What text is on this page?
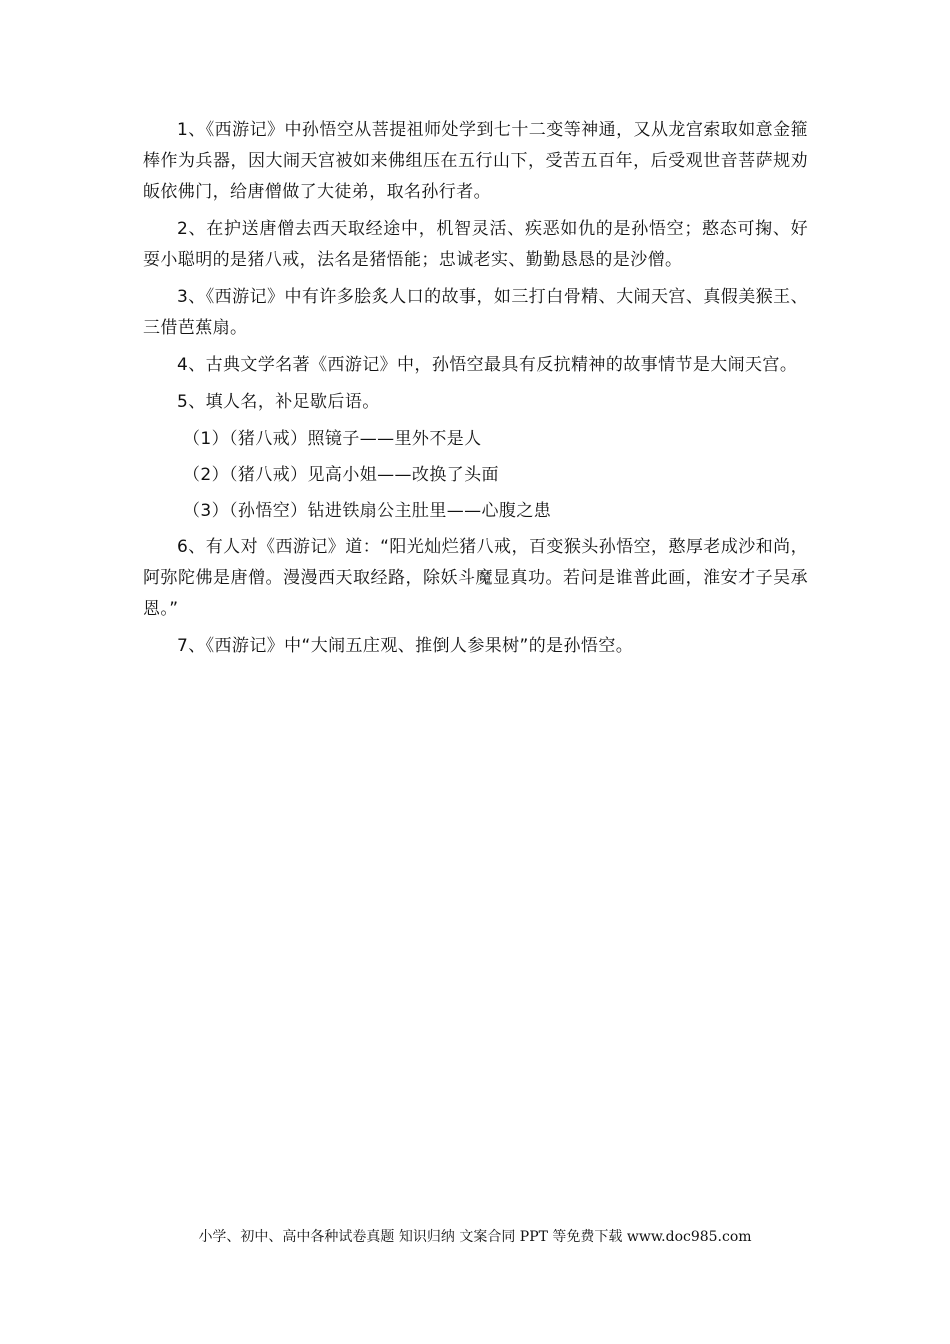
1、《西游记》中孙悟空从菩提祖师处学到七十二变等神通，又从龙宫索取如意金箍棒作为兵器，因大闹天宫被如来佛组压在五行山下，受苦五百年，后受观世音菩萨规劝皈依佛门，给唐僧做了大徒弟，取名孙行者。

2、在护送唐僧去西天取经途中，机智灵活、疾恶如仇的是孙悟空；憨态可掬、好耍小聪明的是猪八戒，法名是猪悟能；忠诚老实、勤勤恳恳的是沙僧。

3、《西游记》中有许多脍炙人口的故事，如三打白骨精、大闹天宫、真假美猴王、三借芭蕉扇。

4、古典文学名著《西游记》中，孙悟空最具有反抗精神的故事情节是大闹天宫。

5、填人名，补足歇后语。

（1）（猪八戒）照镜子——里外不是人

（2）（猪八戒）见高小姐——改换了头面

（3）（孙悟空）钻进铁扇公主肚里——心腹之患

6、有人对《西游记》道：“阳光灿烂猪八戒，百变猴头孙悟空，憨厚老成沙和尚，阿弥陀佛是唐僧。漫漫西天取经路，除妖斗魔显真功。若问是谁普此画，淮安才子吴承恩。”

7、《西游记》中“大闹五庄观、推倒人参果树”的是孙悟空。

小学、初中、高中各种试卷真题 知识归纳 文案合同 PPT 等免费下载 www.doc985.com
